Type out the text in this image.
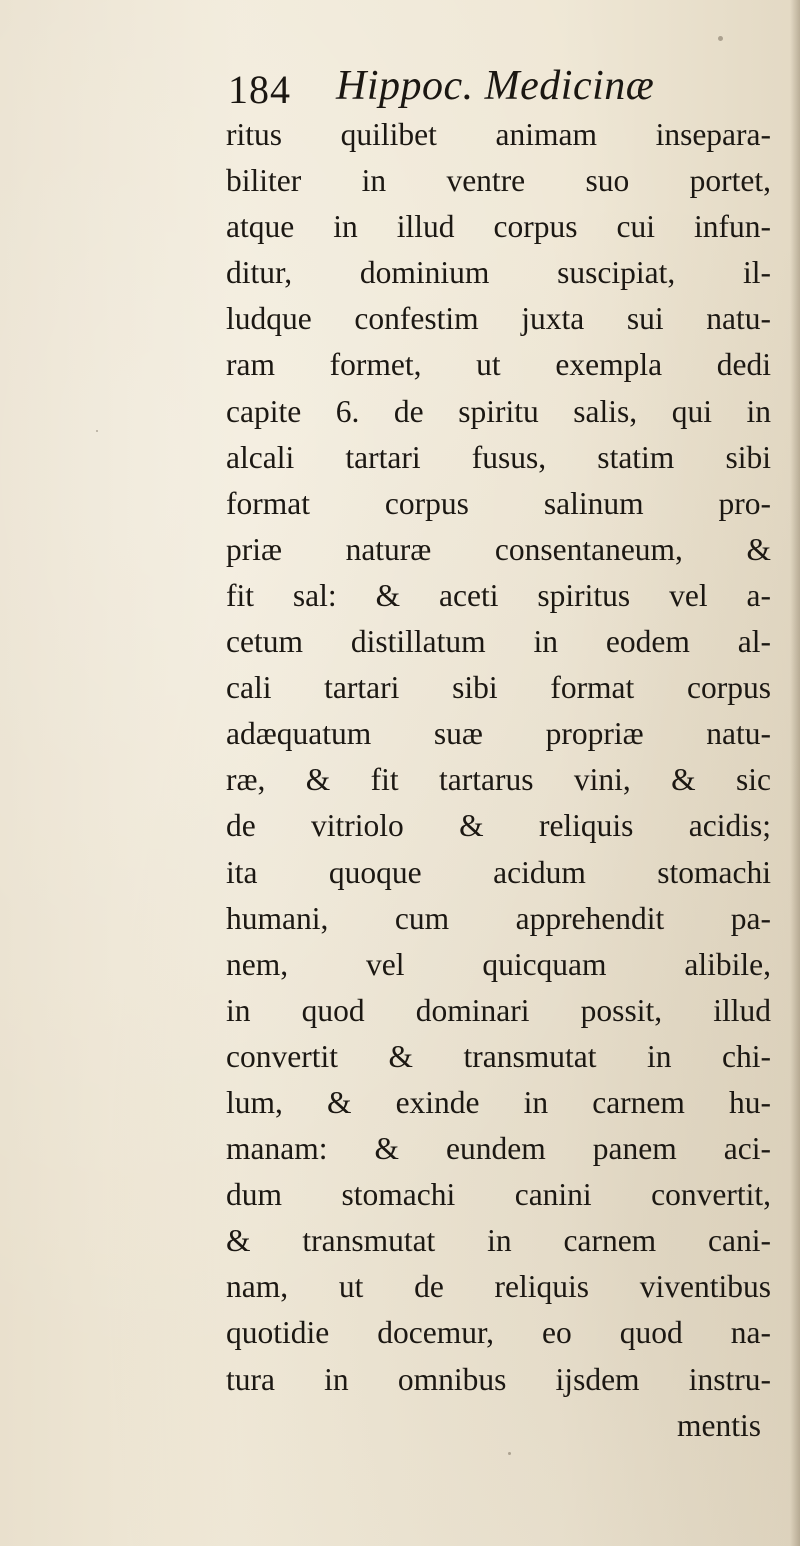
184 Hippoc. Medicinæ
ritus quilibet animam insepara-
biliter in ventre suo portet,
atque in illud corpus cui infun-
ditur, dominium suscipiat, il-
ludque confestim juxta sui natu-
ram formet, ut exempla dedi
capite 6. de spiritu salis, qui in
alcali tartari fusus, statim sibi
format corpus salinum pro-
priæ naturæ consentaneum, &
fit sal: & aceti spiritus vel a-
cetum distillatum in eodem al-
cali tartari sibi format corpus
adæquatum suæ propriæ natu-
ræ, & fit tartarus vini, & sic
de vitriolo & reliquis acidis;
ita quoque acidum stomachi
humani, cum apprehendit pa-
nem, vel quicquam alibile,
in quod dominari possit, illud
convertit & transmutat in chi-
lum, & exinde in carnem hu-
manam: & eundem panem aci-
dum stomachi canini convertit,
& transmutat in carnem cani-
nam, ut de reliquis viventibus
quotidie docemur, eo quod na-
tura in omnibus ijsdem instru-
mentis
